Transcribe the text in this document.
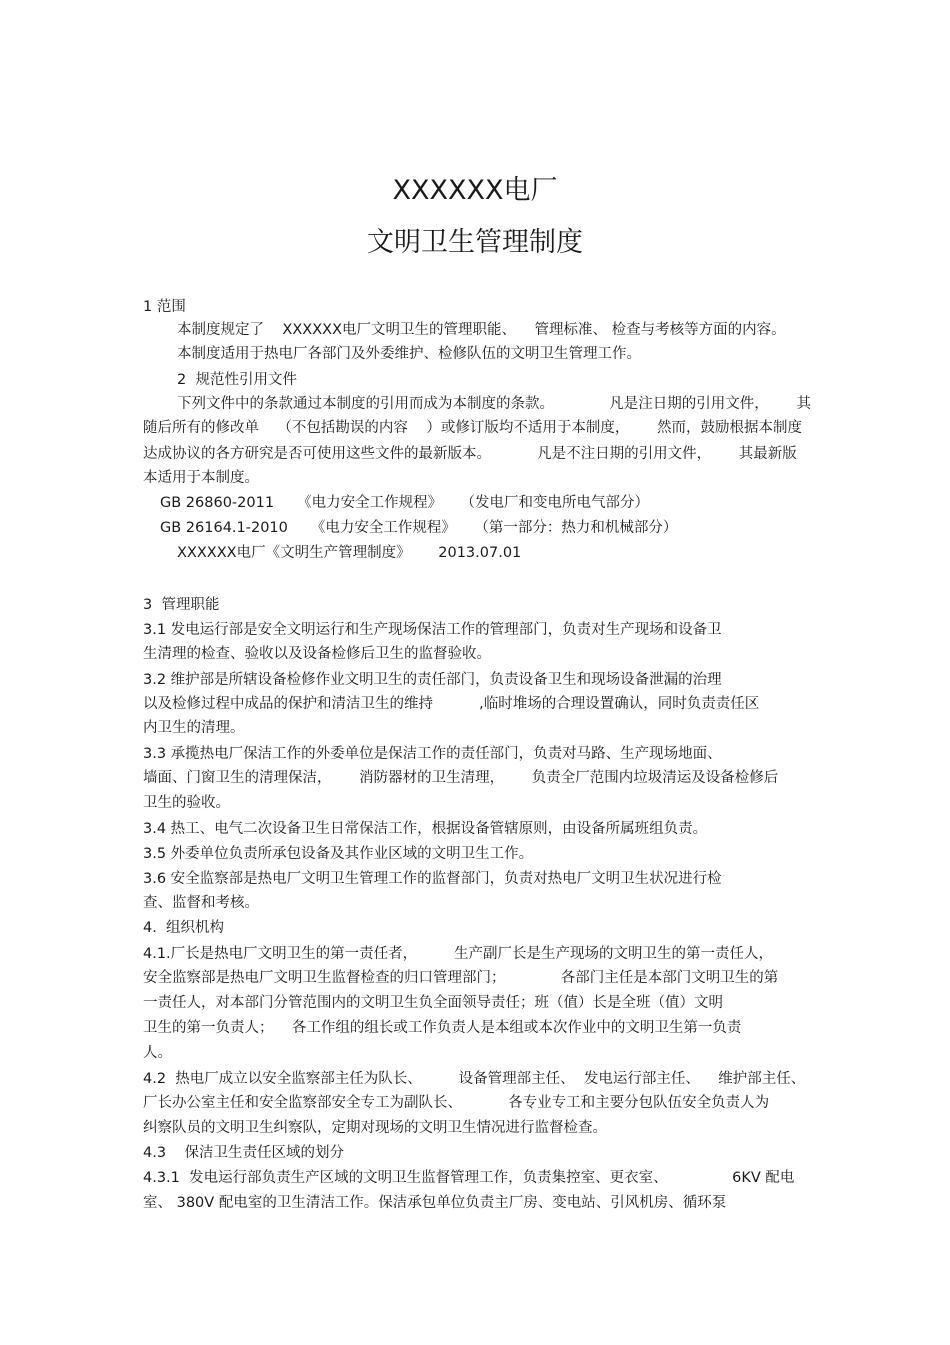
XXXXXX电厂
文明卫生管理制度
1 范围
本制度规定了    XXXXXX电厂文明卫生的管理职能、    管理标准、 检查与考核等方面的内容。
本制度适用于热电厂各部门及外委维护、检修队伍的文明卫生管理工作。
2  规范性引用文件
下列文件中的条款通过本制度的引用而成为本制度的条款。            凡是注日期的引用文件，      其
随后所有的修改单    （不包括勘误的内容    ）或修订版均不适用于本制度，      然而，鼓励根据本制度
达成协议的各方研究是否可使用这些文件的最新版本。          凡是不注日期的引用文件，      其最新版
本适用于本制度。
GB 26860-2011     《电力安全工作规程》    （发电厂和变电所电气部分）
GB 26164.1-2010     《电力安全工作规程》    （第一部分：热力和机械部分）
XXXXXX电厂《文明生产管理制度》      2013.07.01
3  管理职能
3.1 发电运行部是安全文明运行和生产现场保洁工作的管理部门，负责对生产现场和设备卫
生清理的检查、验收以及设备检修后卫生的监督验收。
3.2 维护部是所辖设备检修作业文明卫生的责任部门，负责设备卫生和现场设备泄漏的治理
以及检修过程中成品的保护和清洁卫生的维持          ,临时堆场的合理设置确认，同时负责责任区
内卫生的清理。
3.3 承揽热电厂保洁工作的外委单位是保洁工作的责任部门，负责对马路、生产现场地面、
墙面、门窗卫生的清理保洁，      消防器材的卫生清理，      负责全厂范围内垃圾清运及设备检修后
卫生的验收。
3.4 热工、电气二次设备卫生日常保洁工作，根据设备管辖原则，由设备所属班组负责。
3.5 外委单位负责所承包设备及其作业区域的文明卫生工作。
3.6 安全监察部是热电厂文明卫生管理工作的监督部门，负责对热电厂文明卫生状况进行检
查、监督和考核。
4.  组织机构
4.1.厂长是热电厂文明卫生的第一责任者，        生产副厂长是生产现场的文明卫生的第一责任人，
安全监察部是热电厂文明卫生监督检查的归口管理部门；            各部门主任是本部门文明卫生的第
一责任人，对本部门分管范围内的文明卫生负全面领导责任；班（值）长是全班（值）文明
卫生的第一负责人；    各工作组的组长或工作负责人是本组或本次作业中的文明卫生第一负责
人。
4.2  热电厂成立以安全监察部主任为队长、        设备管理部主任、  发电运行部主任、    维护部主任、
厂长办公室主任和安全监察部安全专工为副队长、          各专业专工和主要分包队伍安全负责人为
纠察队员的文明卫生纠察队，定期对现场的文明卫生情况进行监督检查。
4.3    保洁卫生责任区域的划分
4.3.1  发电运行部负责生产区域的文明卫生监督管理工作，负责集控室、更衣室、              6KV 配电
室、 380V 配电室的卫生清洁工作。保洁承包单位负责主厂房、变电站、引风机房、循环泵
